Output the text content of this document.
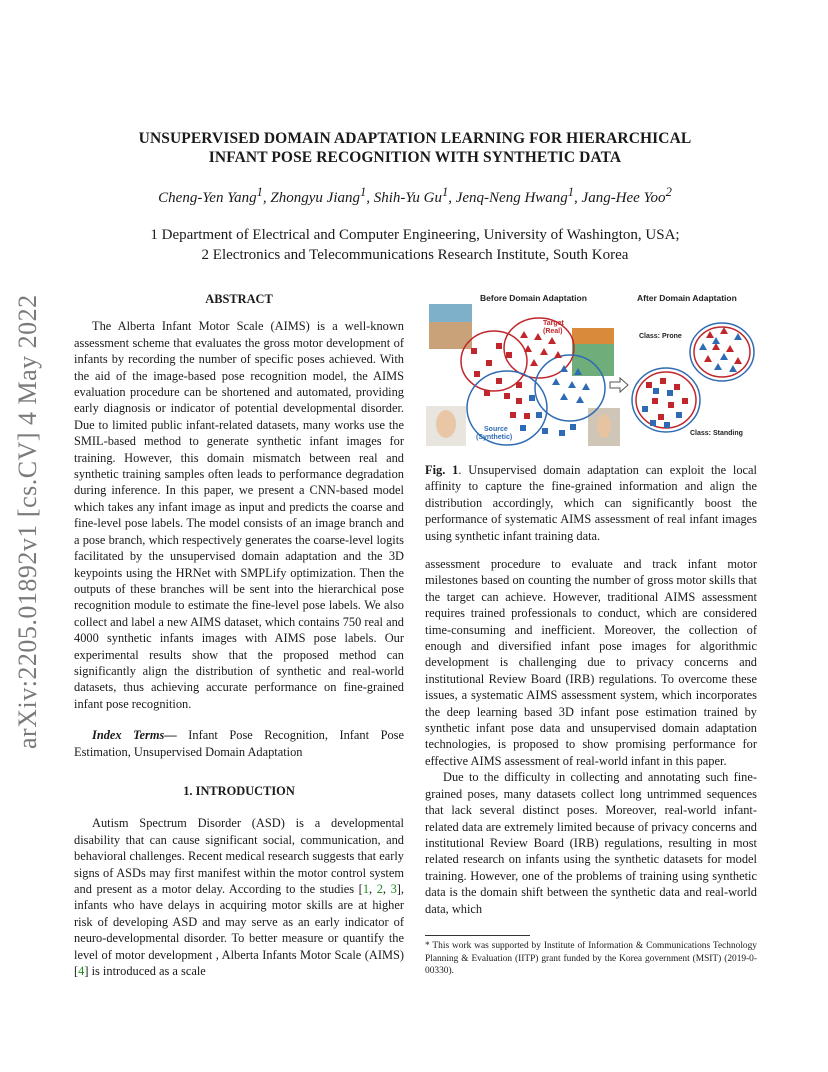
arXiv:2205.01892v1 [cs.CV] 4 May 2022
UNSUPERVISED DOMAIN ADAPTATION LEARNING FOR HIERARCHICAL
INFANT POSE RECOGNITION WITH SYNTHETIC DATA
Cheng-Yen Yang$^1$, Zhongyu Jiang$^1$, Shih-Yu Gu$^1$, Jenq-Neng Hwang$^1$, Jang-Hee Yoo$^2$
1 Department of Electrical and Computer Engineering, University of Washington, USA;
2 Electronics and Telecommunications Research Institute, South Korea
ABSTRACT

The Alberta Infant Motor Scale (AIMS) is a well-known assessment scheme that evaluates the gross motor development of infants by recording the number of specific poses achieved. With the aid of the image-based pose recognition model, the AIMS evaluation procedure can be shortened and automated, providing early diagnosis or indicator of potential developmental disorder. Due to limited public infant-related datasets, many works use the SMIL-based method to generate synthetic infant images for training. However, this domain mismatch between real and synthetic training samples often leads to performance degradation during inference. In this paper, we present a CNN-based model which takes any infant image as input and predicts the coarse and fine-level pose labels. The model consists of an image branch and a pose branch, which respectively generates the coarse-level logits facilitated by the unsupervised domain adaptation and the 3D keypoints using the HRNet with SMPLify optimization. Then the outputs of these branches will be sent into the hierarchical pose recognition module to estimate the fine-level pose labels. We also collect and label a new AIMS dataset, which contains 750 real and 4000 synthetic infants images with AIMS pose labels. Our experimental results show that the proposed method can significantly align the distribution of synthetic and real-world datasets, thus achieving accurate performance on fine-grained infant pose recognition.

Index Terms— Infant Pose Recognition, Infant Pose Estimation, Unsupervised Domain Adaptation

1. INTRODUCTION

Autism Spectrum Disorder (ASD) is a developmental disability that can cause significant social, communication, and behavioral challenges. Recent medical research suggests that early signs of ASDs may first manifest within the motor control system and present as a motor delay. According to the studies [1, 2, 3], infants who have delays in acquiring motor skills are at higher risk of developing ASD and may serve as an early indicator of neuro-developmental disorder. To better measure or quantify the level of motor development , Alberta Infants Motor Scale (AIMS) [4] is introduced as a scale

Before Domain Adaptation	After Domain Adaptation
Target
(Real)
Source
(Synthetic)
Class: Prone
Class: Standing
Fig. 1. Unsupervised domain adaptation can exploit the local affinity to capture the fine-grained information and align the distribution accordingly, which can significantly boost the performance of systematic AIMS assessment of real infant images using synthetic infant training data.

assessment procedure to evaluate and track infant motor milestones based on counting the number of gross motor skills that the target can achieve. However, traditional AIMS assessment requires trained professionals to conduct, which are considered time-consuming and inefficient. Moreover, the collection of enough and diversified infant pose images for algorithmic development is challenging due to privacy concerns and institutional Review Board (IRB) regulations. To overcome these issues, a systematic AIMS assessment system, which incorporates the deep learning based 3D infant pose estimation trained by synthetic infant pose data and unsupervised domain adaptation technologies, is proposed to show promising performance for effective AIMS assessment of real-world infant in this paper.

Due to the difficulty in collecting and annotating such fine-grained poses, many datasets collect long untrimmed sequences that lack several distinct poses. Moreover, real-world infant-related data are extremely limited because of privacy concerns and institutional Review Board (IRB) regulations, resulting in most related research on infants using the synthetic datasets for model training. However, one of the problems of training using synthetic data is the domain shift between the synthetic data and real-world data, which

* This work was supported by Institute of Information & Communications Technology Planning & Evaluation (IITP) grant funded by the Korea government (MSIT) (2019-0-00330).
